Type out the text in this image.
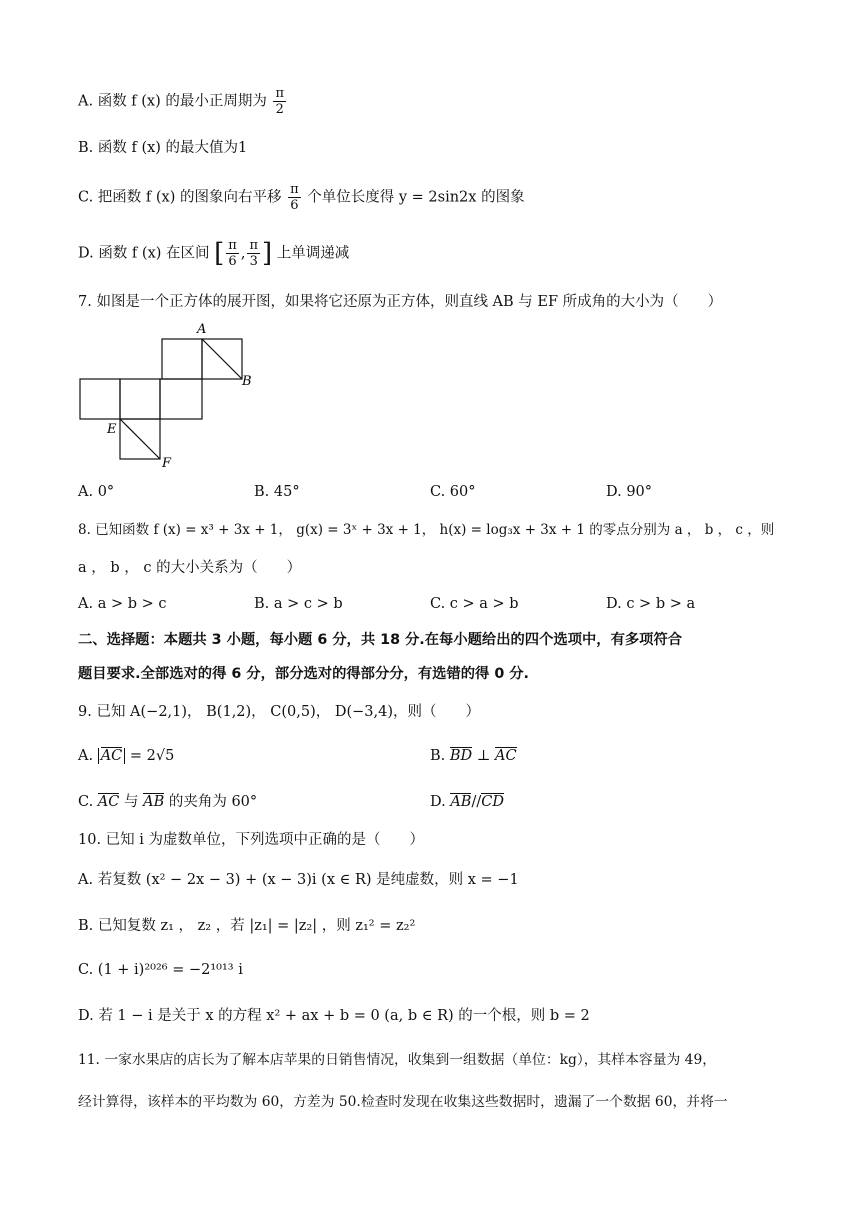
A. 函数 f (x) 的最小正周期为 $\frac{\pi}{2}$
B. 函数 f (x) 的最大值为1
C. 把函数 f (x) 的图象向右平移 $\frac{\pi}{6}$ 个单位长度得 y = 2sin2x 的图象
D. 函数 f (x) 在区间 [ $\frac{\pi}{6}$ , $\frac{\pi}{3}$ ] 上单调递减
7. 如图是一个正方体的展开图，如果将它还原为正方体，则直线 AB 与 EF 所成角的大小为（　　）
A
B
E
F
A. 0°	B. 45°	C. 60°	D. 90°
8. 已知函数 f (x) = x³ + 3x + 1， g(x) = 3ˣ + 3x + 1， h(x) = log₃x + 3x + 1 的零点分别为 a ， b ， c ，则
a ， b ， c 的大小关系为（　　）
A. a > b > c	B. a > c > b	C. c > a > b	D. c > b > a
二、选择题：本题共 3 小题，每小题 6 分，共 18 分.在每小题给出的四个选项中，有多项符合
题目要求.全部选对的得 6 分，部分选对的得部分分，有选错的得 0 分.
9. 已知 A(−2,1)， B(1,2)， C(0,5)， D(−3,4)，则（　　）
A. AC = 2√5	B. BD ⊥ AC
C. AC 与 AB 的夹角为 60°	D. AB//CD
10. 已知 i 为虚数单位，下列选项中正确的是（　　）
A. 若复数 (x² − 2x − 3) + (x − 3)i (x ∈ R) 是纯虚数，则 x = −1
B. 已知复数 z₁ ， z₂ ，若 |z₁| = |z₂| ，则 z₁² = z₂²
C. (1 + i)²⁰²⁶ = −2¹⁰¹³ i
D. 若 1 − i 是关于 x 的方程 x² + ax + b = 0 (a, b ∈ R) 的一个根，则 b = 2
11. 一家水果店的店长为了解本店苹果的日销售情况，收集到一组数据（单位：kg），其样本容量为 49，
经计算得，该样本的平均数为 60，方差为 50.检查时发现在收集这些数据时，遗漏了一个数据 60，并将一
